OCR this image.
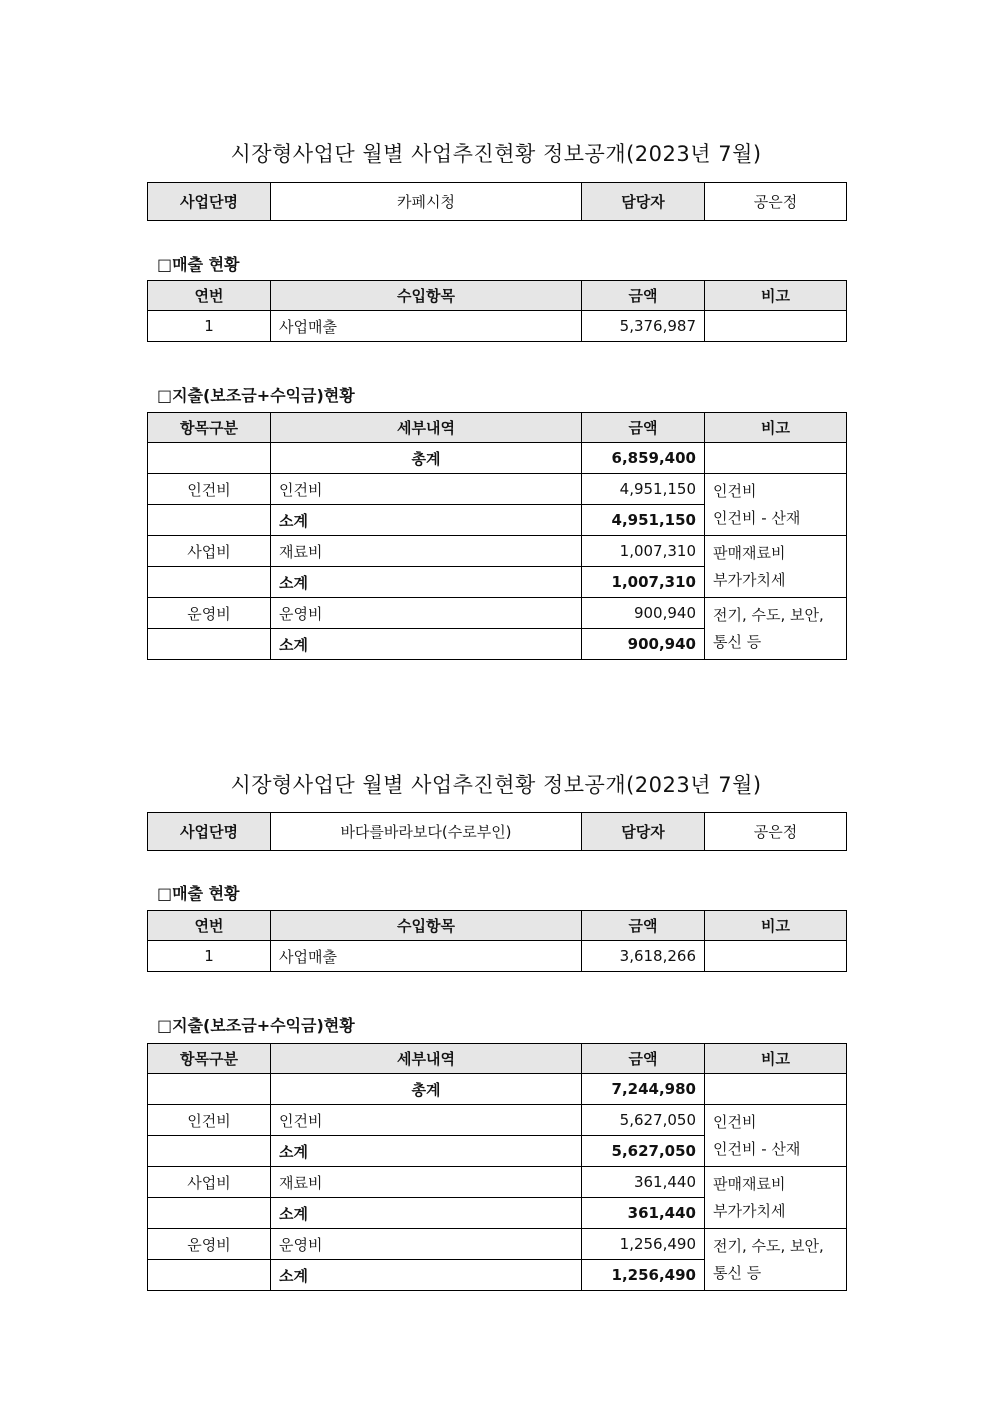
시장형사업단 월별 사업추진현황 정보공개(2023년 7월)
사업단명	카페시청	담당자	공은정
□매출 현황
연번	수입항목	금액	비고
1	사업매출	5,376,987	
□지출(보조금+수익금)현황
항목구분	세부내역	금액	비고
	총계	6,859,400	
인건비	인건비	4,951,150	인건비
인건비 - 산재

	소계	4,951,150	
사업비	재료비	1,007,310	판매재료비
부가가치세

	소계	1,007,310	
운영비	운영비	900,940	전기, 수도, 보안,
통신 등

	소계	900,940	
시장형사업단 월별 사업추진현황 정보공개(2023년 7월)
사업단명	바다를바라보다(수로부인)	담당자	공은정
□매출 현황
연번	수입항목	금액	비고
1	사업매출	3,618,266	
□지출(보조금+수익금)현황
항목구분	세부내역	금액	비고
	총계	7,244,980	
인건비	인건비	5,627,050	인건비
인건비 - 산재

	소계	5,627,050	
사업비	재료비	361,440	판매재료비
부가가치세

	소계	361,440	
운영비	운영비	1,256,490	전기, 수도, 보안,
통신 등

	소계	1,256,490	
